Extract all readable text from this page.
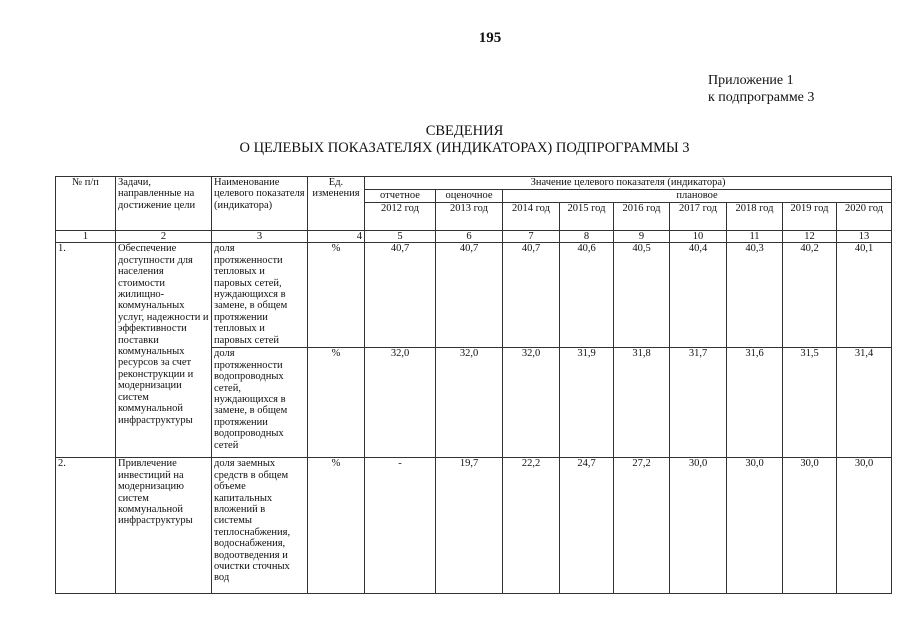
195
Приложение 1
к подпрограмме 3
СВЕДЕНИЯ
О ЦЕЛЕВЫХ ПОКАЗАТЕЛЯХ (ИНДИКАТОРАХ) ПОДПРОГРАММЫ 3
№ п/п	Задачи, направленные на достижение цели	Наименование целевого показателя (индикатора)	Ед. изменения	Значение целевого показателя (индикатора)								
				отчетное	оценочное	плановое						
				2012 год	2013 год	2014 год	2015 год	2016 год	2017 год	2018 год	2019 год	2020 год
1	2	3	4	5	6	7	8	9	10	11	12	13
1.	Обеспечение доступности для населения стоимости жилищно-коммунальных услуг, надежности и эффективности поставки коммунальных ресурсов за счет реконструкции и модернизации систем коммунальной инфраструктуры	доля протяженности тепловых и паровых сетей, нуждающихся в замене, в общем протяжении тепловых и паровых сетей	%	40,7	40,7	40,7	40,6	40,5	40,4	40,3	40,2	40,1
		доля протяженности водопроводных сетей, нуждающихся в замене, в общем протяжении водопроводных сетей	%	32,0	32,0	32,0	31,9	31,8	31,7	31,6	31,5	31,4
2.	Привлечение инвестиций на модернизацию систем коммунальной инфраструктуры	доля заемных средств в общем объеме капитальных вложений в системы теплоснабжения, водоснабжения, водоотведения и очистки сточных вод	%	-	19,7	22,2	24,7	27,2	30,0	30,0	30,0	30,0
